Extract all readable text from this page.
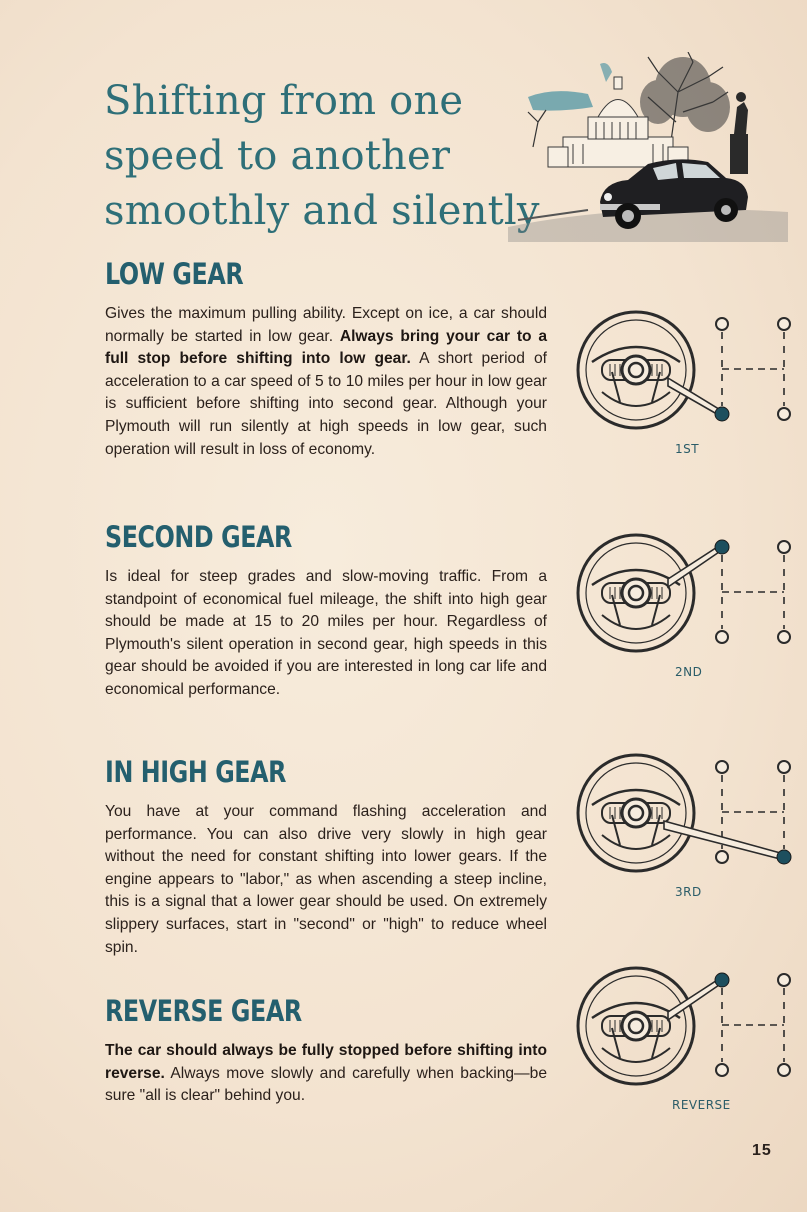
Shifting from one
speed to another
smoothly and silently
LOW GEAR

Gives the maximum pulling ability. Except on ice, a car should normally be started in low gear. Always bring your car to a full stop before shifting into low gear. A short period of acceleration to a car speed of 5 to 10 miles per hour in low gear is sufficient before shifting into second gear. Although your Plymouth will run silently at high speeds in low gear, such operation will result in loss of economy.

SECOND GEAR

Is ideal for steep grades and slow-moving traffic. From a standpoint of economical fuel mileage, the shift into high gear should be made at 15 to 20 miles per hour. Regardless of Plymouth's silent operation in second gear, high speeds in this gear should be avoided if you are interested in long car life and economical performance.

IN HIGH GEAR

You have at your command flashing acceleration and performance. You can also drive very slowly in high gear without the need for constant shifting into lower gears. If the engine appears to "labor," as when ascending a steep incline, this is a signal that a lower gear should be used. On extremely slippery surfaces, start in "second" or "high" to reduce wheel spin.

REVERSE GEAR

The car should always be fully stopped before shifting into reverse. Always move slowly and carefully when backing—be sure "all is clear" behind you.

1ST
2ND
3RD
REVERSE
15
